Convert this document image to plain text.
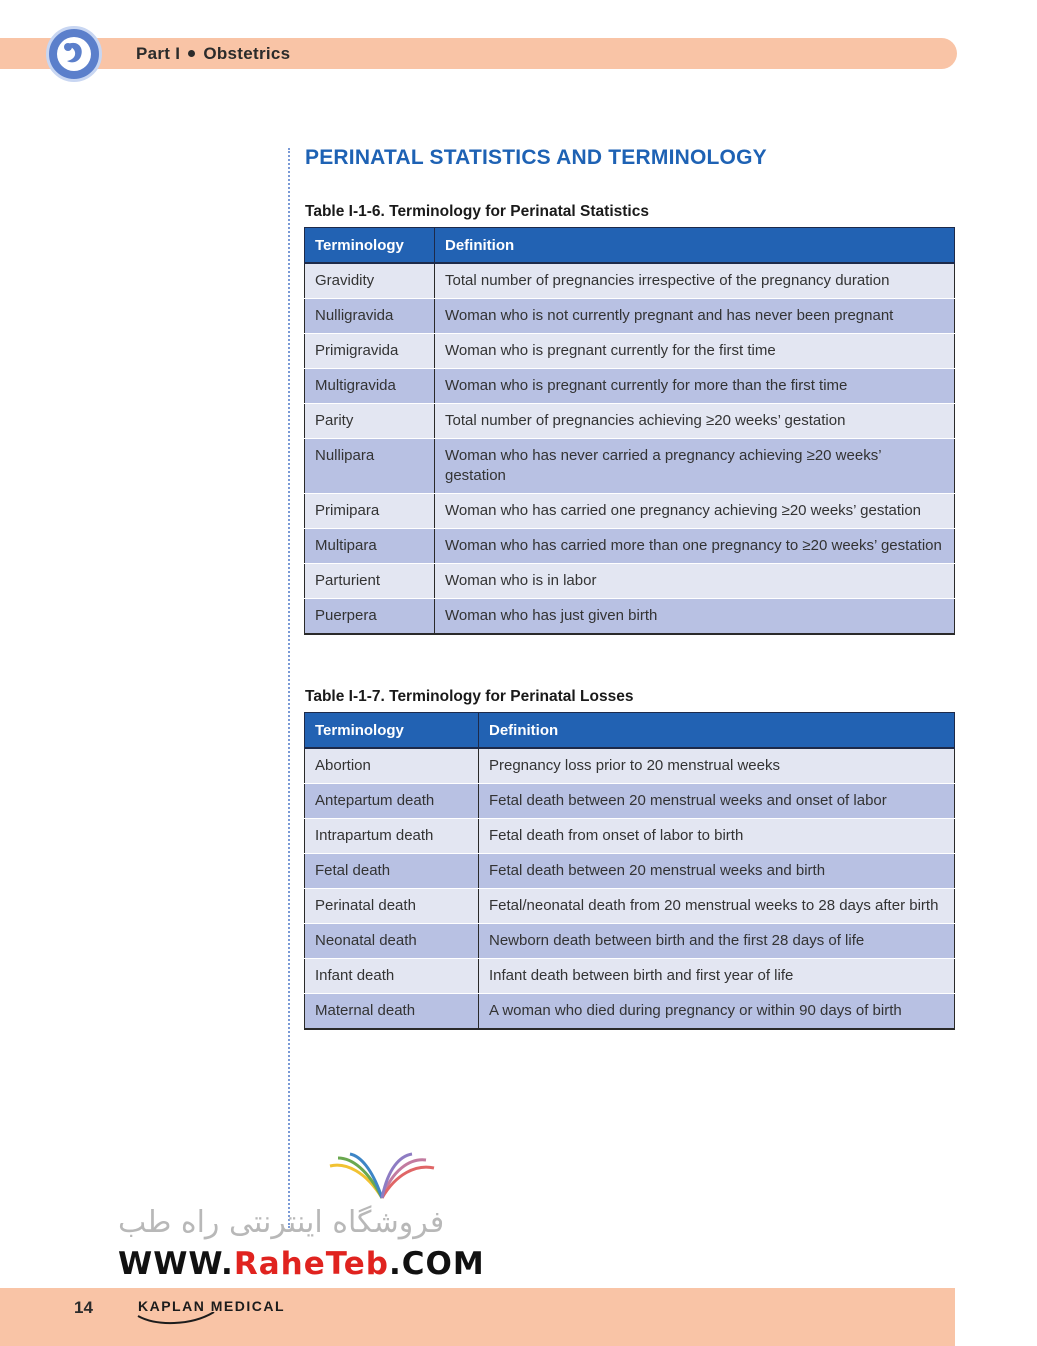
Part I Obstetrics
PERINATAL STATISTICS AND TERMINOLOGY
Table I-1-6. Terminology for Perinatal Statistics
Terminology	Definition
Gravidity	Total number of pregnancies irrespective of the pregnancy duration
Nulligravida	Woman who is not currently pregnant and has never been pregnant
Primigravida	Woman who is pregnant currently for the first time
Multigravida	Woman who is pregnant currently for more than the first time
Parity	Total number of pregnancies achieving ≥20 weeks’ gestation
Nullipara	Woman who has never carried a pregnancy achieving ≥20 weeks’ gestation
Primipara	Woman who has carried one pregnancy achieving ≥20 weeks’ gestation
Multipara	Woman who has carried more than one pregnancy to ≥20 weeks’ gestation
Parturient	Woman who is in labor
Puerpera	Woman who has just given birth
Table I-1-7. Terminology for Perinatal Losses
Terminology	Definition
Abortion	Pregnancy loss prior to 20 menstrual weeks
Antepartum death	Fetal death between 20 menstrual weeks and onset of labor
Intrapartum death	Fetal death from onset of labor to birth
Fetal death	Fetal death between 20 menstrual weeks and birth
Perinatal death	Fetal/neonatal death from 20 menstrual weeks to 28 days after birth
Neonatal death	Newborn death between birth and the first 28 days of life
Infant death	Infant death between birth and first year of life
Maternal death	A woman who died during pregnancy or within 90 days of birth
فروشگاه اینترنتی راه طب
WWW.RaheTeb.COM
14	KAPLAN MEDICAL
